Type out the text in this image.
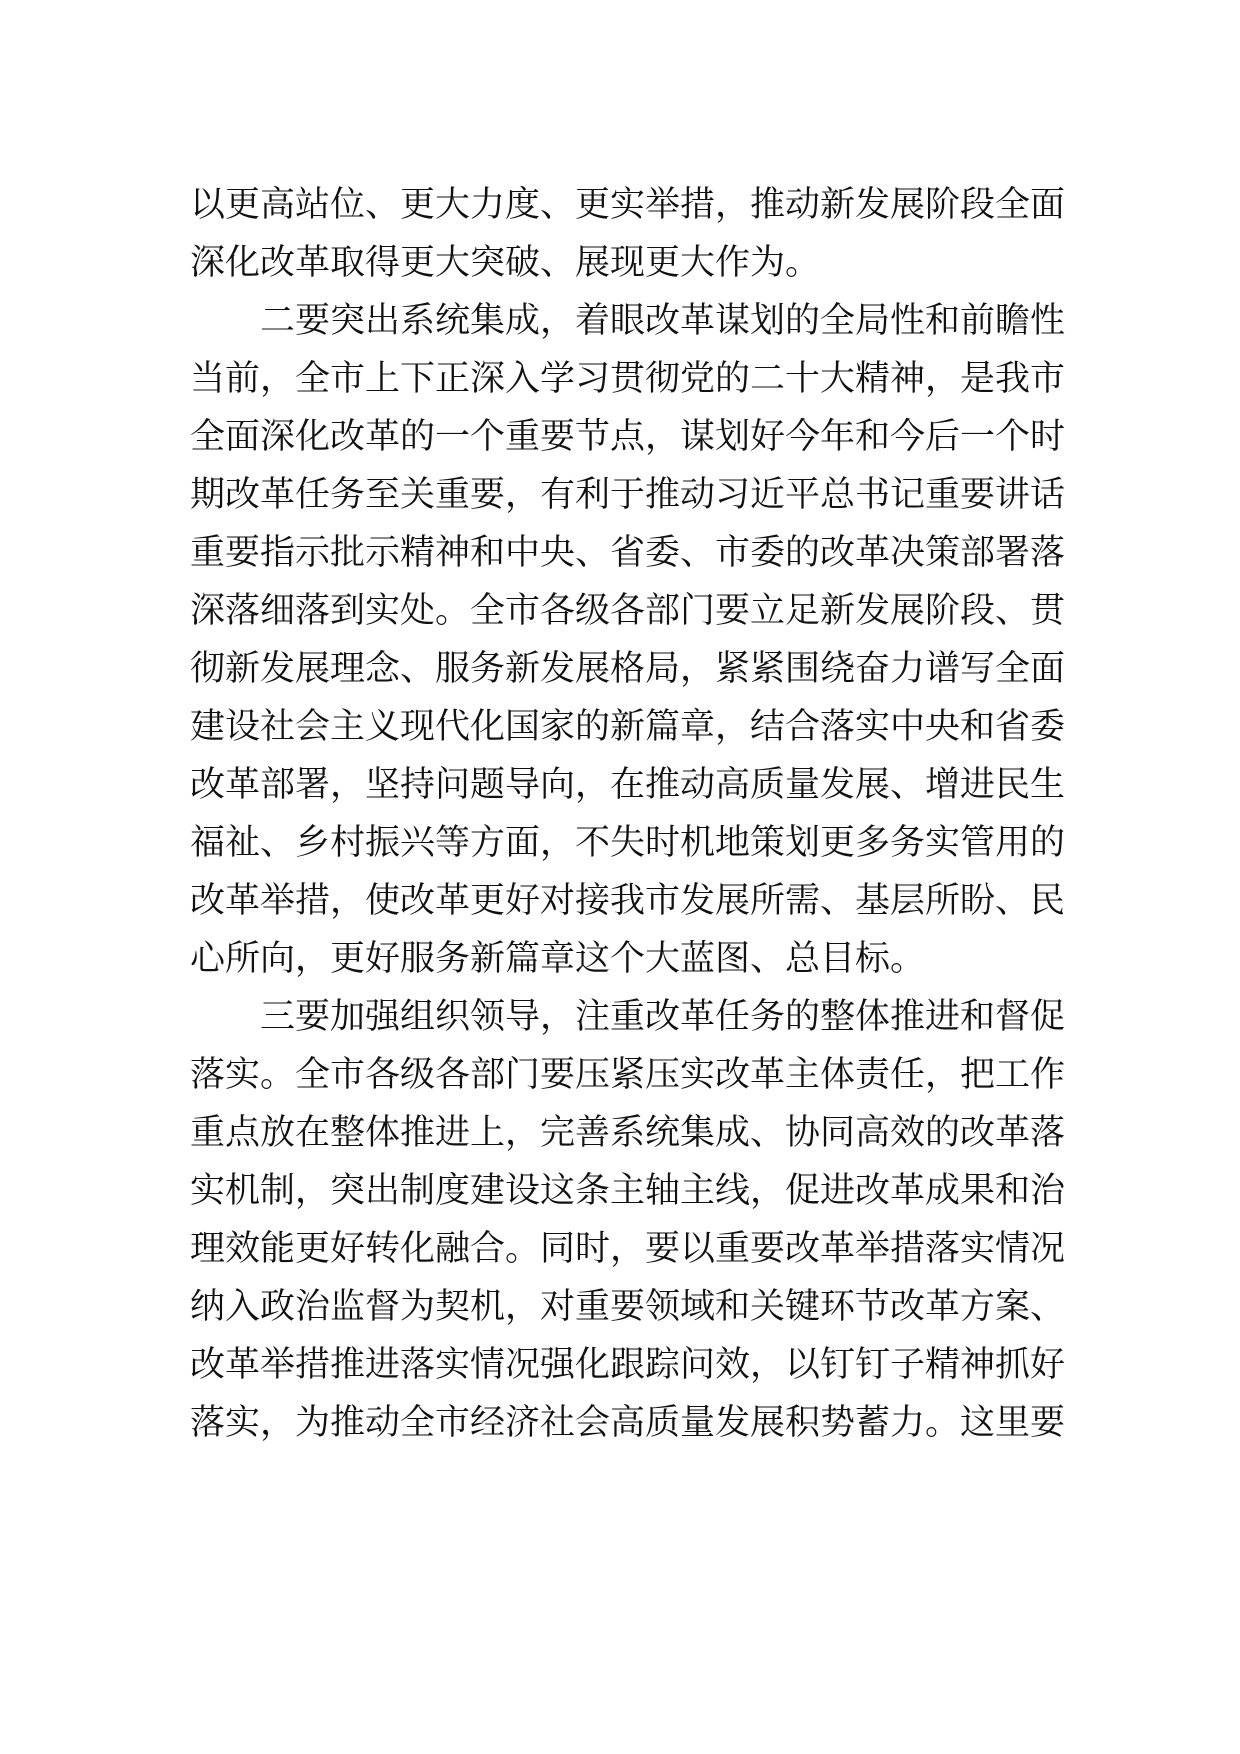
以更高站位、更大力度、更实举措，推动新发展阶段全面
深化改革取得更大突破、展现更大作为。
二要突出系统集成，着眼改革谋划的全局性和前瞻性
当前，全市上下正深入学习贯彻党的二十大精神，是我市
全面深化改革的一个重要节点，谋划好今年和今后一个时
期改革任务至关重要，有利于推动习近平总书记重要讲话
重要指示批示精神和中央、省委、市委的改革决策部署落
深落细落到实处。全市各级各部门要立足新发展阶段、贯
彻新发展理念、服务新发展格局，紧紧围绕奋力谱写全面
建设社会主义现代化国家的新篇章，结合落实中央和省委
改革部署，坚持问题导向，在推动高质量发展、增进民生
福祉、乡村振兴等方面，不失时机地策划更多务实管用的
改革举措，使改革更好对接我市发展所需、基层所盼、民
心所向，更好服务新篇章这个大蓝图、总目标。
三要加强组织领导，注重改革任务的整体推进和督促
落实。全市各级各部门要压紧压实改革主体责任，把工作
重点放在整体推进上，完善系统集成、协同高效的改革落
实机制，突出制度建设这条主轴主线，促进改革成果和治
理效能更好转化融合。同时，要以重要改革举措落实情况
纳入政治监督为契机，对重要领域和关键环节改革方案、
改革举措推进落实情况强化跟踪问效，以钉钉子精神抓好
落实，为推动全市经济社会高质量发展积势蓄力。这里要
